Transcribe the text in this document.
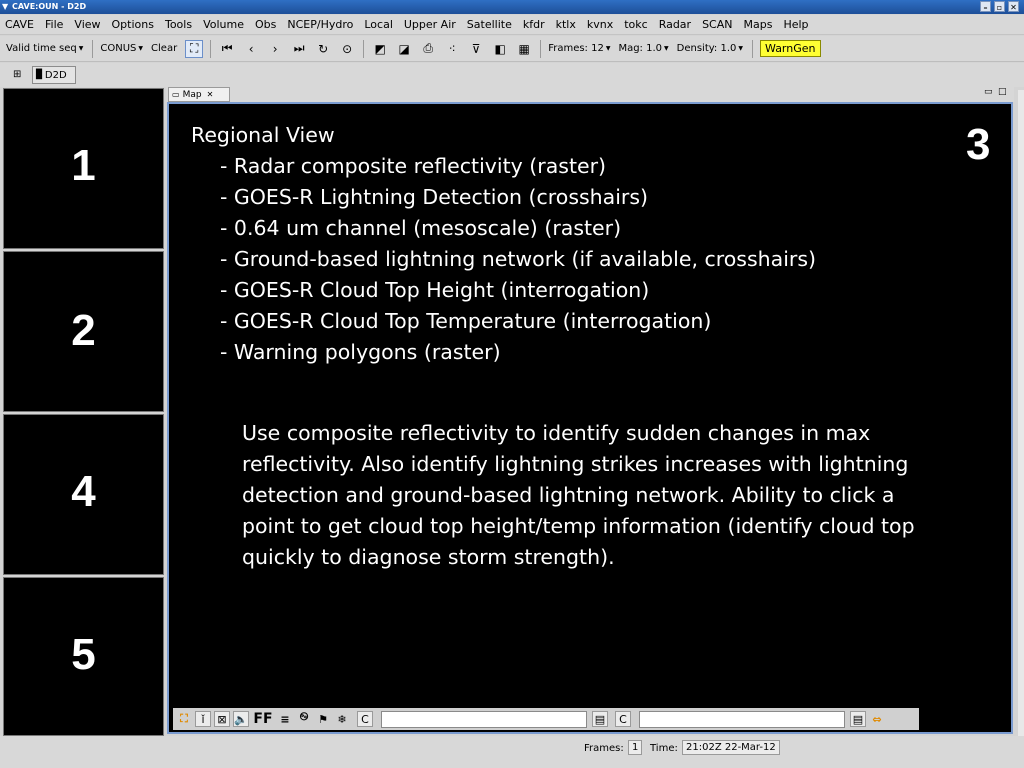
▼ CAVE:OUN - D2D	–	▫ ✕
CAVE File View Options Tools Volume Obs NCEP/Hydro Local Upper Air Satellite kfdr ktlx kvnx tokc Radar SCAN Maps Help
Valid time seq ▼ CONUS ▼ Clear	⛶	⏮	‹	›	⏭	↻	⊙	◩ ◪	⎙	⁖	⊽	◧ ▦	Frames: 12 ▼ Mag: 1.0 ▼ Density: 1.0 ▼	WarnGen
⊞ ▉ D2D
1
2
4
5
▭ Map ✕	▭ □
3
Regional View
- Radar composite reflectivity (raster)
- GOES-R Lightning Detection (crosshairs)
- 0.64 um channel (mesoscale) (raster)
- Ground-based lightning network (if available, crosshairs)
- GOES-R Cloud Top Height (interrogation)
- GOES-R Cloud Top Temperature (interrogation)
- Warning polygons (raster)
Use composite reflectivity to identify sudden changes in max reflectivity. Also identify lightning strikes increases with lightning detection and ground-based lightning network. Ability to click a point to get cloud top height/temp information (identify cloud top quickly to diagnose storm strength).
⛶	ǐ	⊠ 🔈 FF ≡ ࿊ ⚑ ❄	C	▤	C	▤ ⇔
Frames: 1	Time: 21:02Z 22-Mar-12
